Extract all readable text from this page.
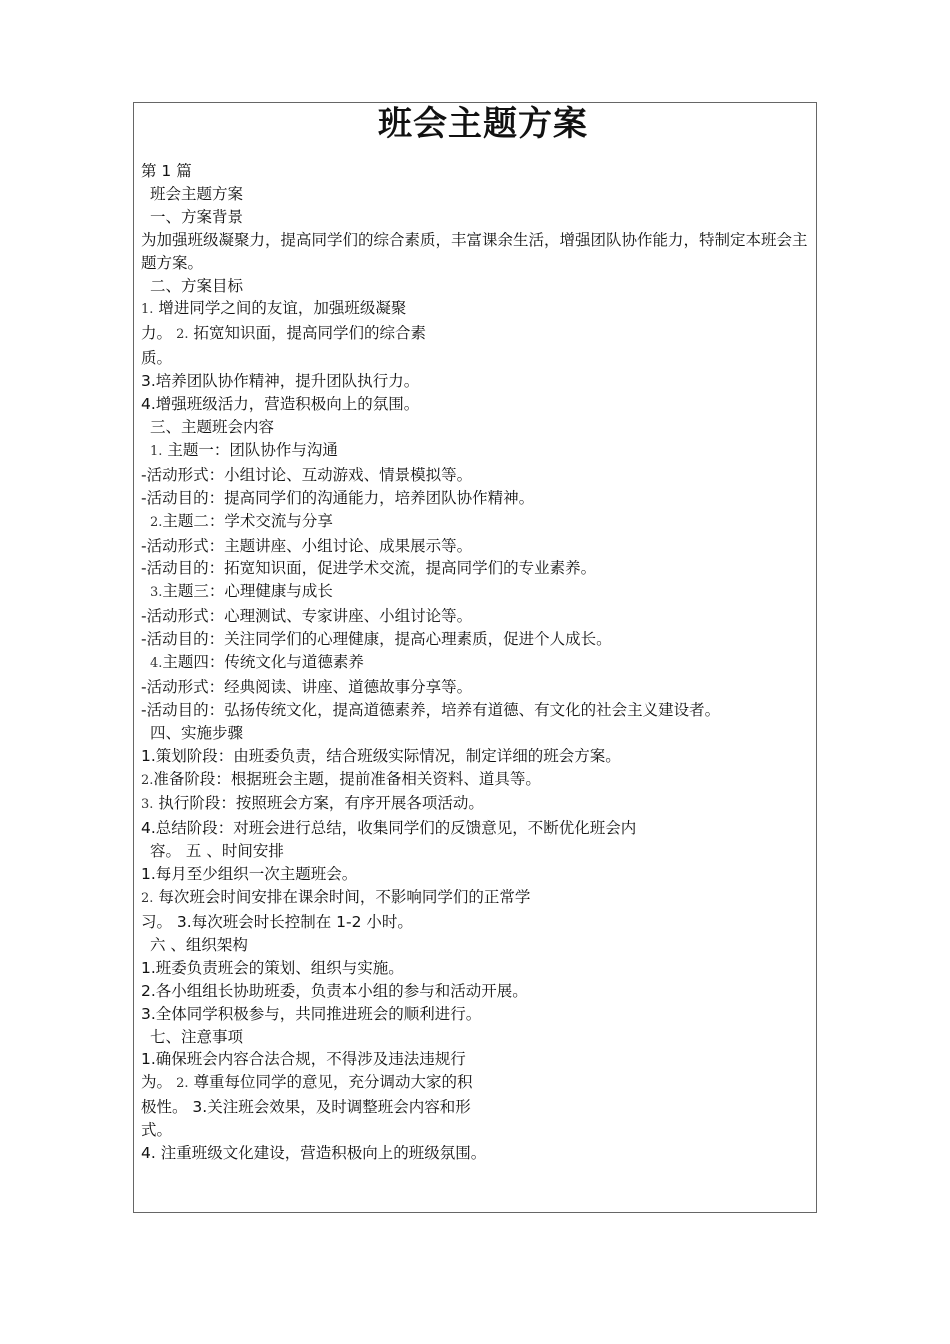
班会主题方案
第 1 篇
班会主题方案
一、方案背景
为加强班级凝聚力，提高同学们的综合素质，丰富课余生活，增强团队协作能力，特制定本班会主题方案。
二、方案目标
1. 增进同学之间的友谊，加强班级凝聚
力。 2. 拓宽知识面，提高同学们的综合素
质。
3.培养团队协作精神，提升团队执行力。
4.增强班级活力，营造积极向上的氛围。
三、主题班会内容
1. 主题一：团队协作与沟通
-活动形式：小组讨论、互动游戏、情景模拟等。
-活动目的：提高同学们的沟通能力，培养团队协作精神。
2.主题二：学术交流与分享
-活动形式：主题讲座、小组讨论、成果展示等。
-活动目的：拓宽知识面，促进学术交流，提高同学们的专业素养。
3.主题三：心理健康与成长
-活动形式：心理测试、专家讲座、小组讨论等。
-活动目的：关注同学们的心理健康，提高心理素质，促进个人成长。
4.主题四：传统文化与道德素养
-活动形式：经典阅读、讲座、道德故事分享等。
-活动目的：弘扬传统文化，提高道德素养，培养有道德、有文化的社会主义建设者。
四、实施步骤
1.策划阶段：由班委负责，结合班级实际情况，制定详细的班会方案。
2.准备阶段：根据班会主题，提前准备相关资料、道具等。
3. 执行阶段：按照班会方案，有序开展各项活动。
4.总结阶段：对班会进行总结，收集同学们的反馈意见，不断优化班会内
容。 五 、时间安排
1.每月至少组织一次主题班会。
2. 每次班会时间安排在课余时间，不影响同学们的正常学
习。 3.每次班会时长控制在 1-2 小时。
六 、组织架构
1.班委负责班会的策划、组织与实施。
2.各小组组长协助班委，负责本小组的参与和活动开展。
3.全体同学积极参与，共同推进班会的顺利进行。
七、注意事项
1.确保班会内容合法合规，不得涉及违法违规行
为。 2. 尊重每位同学的意见，充分调动大家的积
极性。 3.关注班会效果，及时调整班会内容和形
式。
4. 注重班级文化建设，营造积极向上的班级氛围。
